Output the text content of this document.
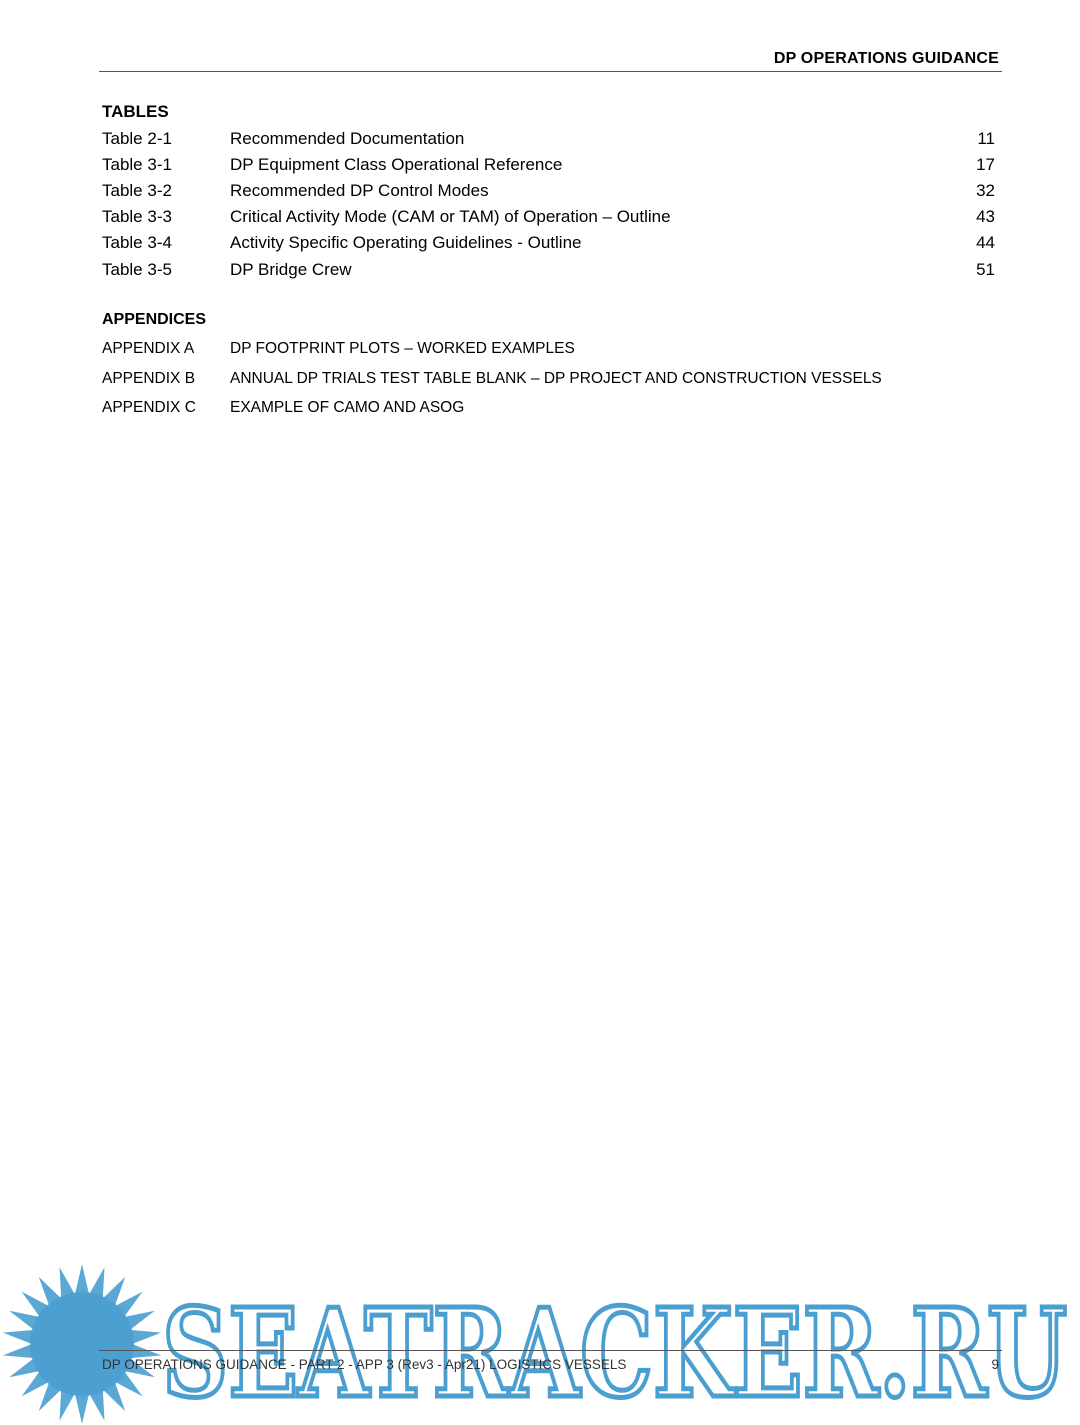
DP OPERATIONS GUIDANCE
TABLES
Table 2-1	Recommended Documentation	11
Table 3-1	DP Equipment Class Operational Reference	17
Table 3-2	Recommended DP Control Modes	32
Table 3-3	Critical Activity Mode (CAM or TAM) of Operation – Outline	43
Table 3-4	Activity Specific Operating Guidelines - Outline	44
Table 3-5	DP Bridge Crew	51
APPENDICES
APPENDIX A DP FOOTPRINT PLOTS – WORKED EXAMPLES
APPENDIX B ANNUAL DP TRIALS TEST TABLE BLANK – DP PROJECT AND CONSTRUCTION VESSELS
APPENDIX C EXAMPLE OF CAMO AND ASOG
SEATRACKER.RU
DP OPERATIONS GUIDANCE - PART 2 - APP 3 (Rev3 - Apr21) LOGISTICS VESSELS	9
